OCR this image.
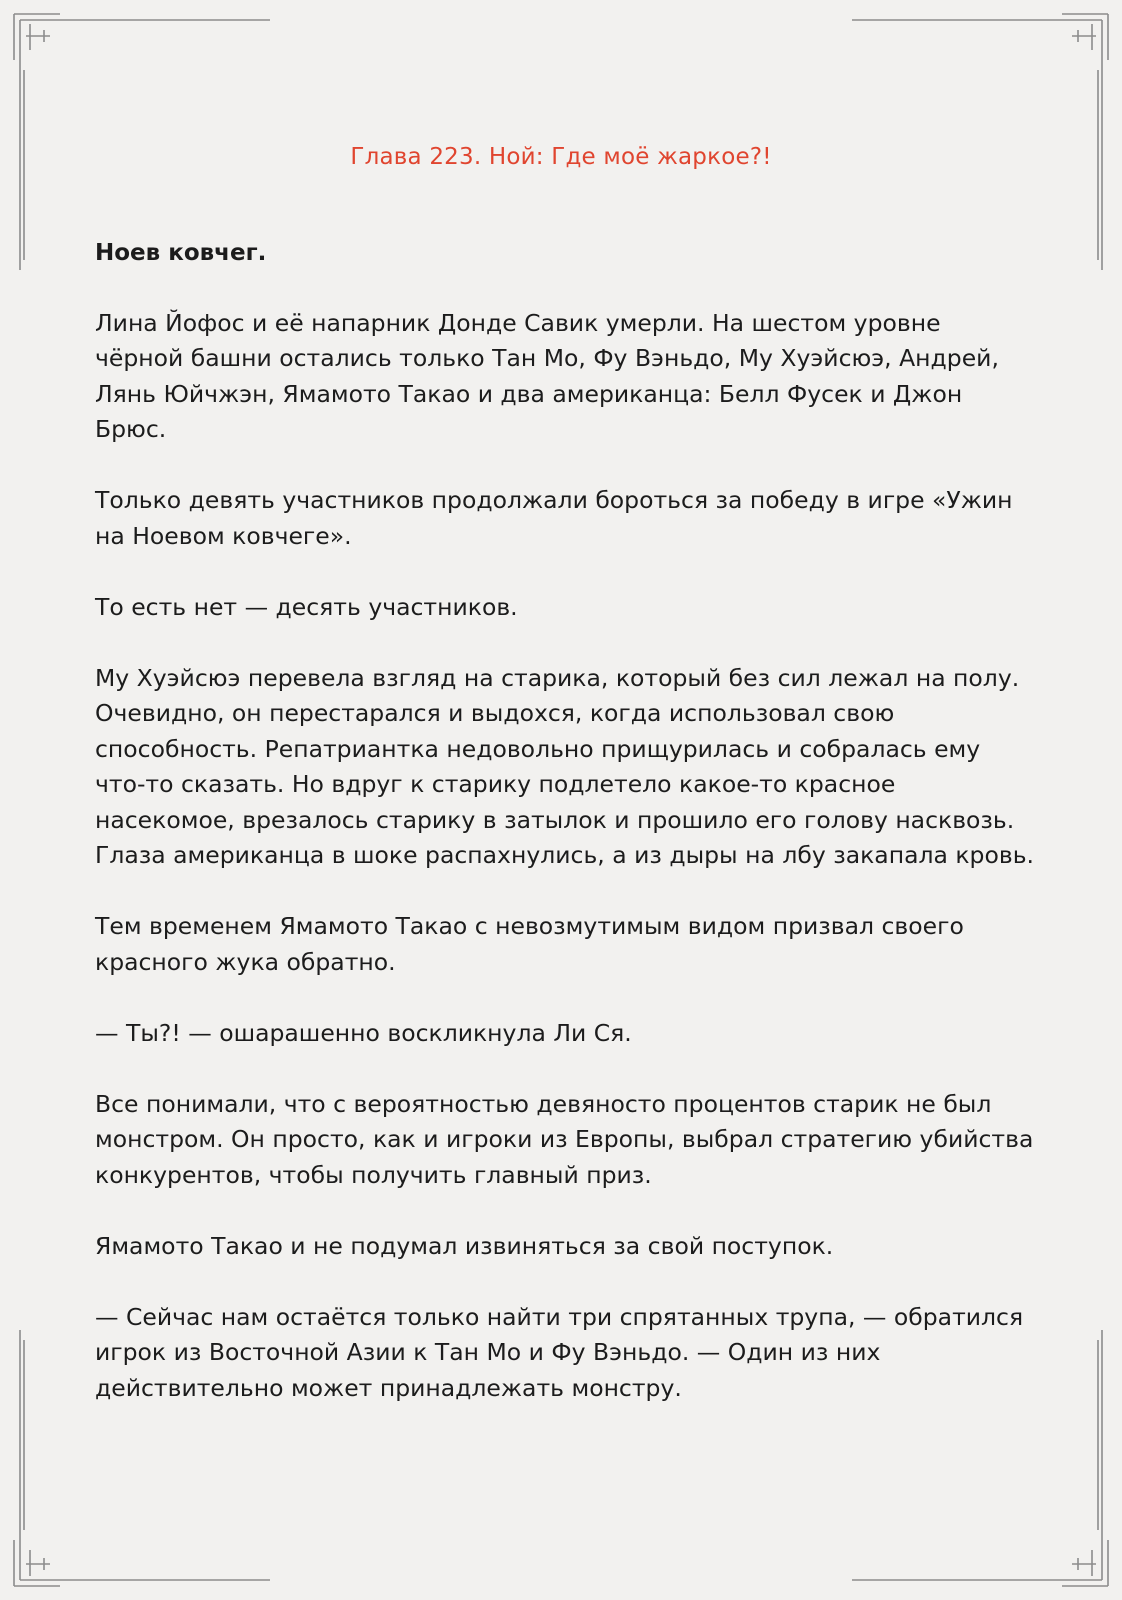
Глава 223. Ной: Где моё жаркое?!

Ноев ковчег.

Лина Йофос и её напарник Донде Савик умерли. На шестом уровне чёрной башни остались только Тан Мо, Фу Вэньдо, Му Хуэйсюэ, Андрей, Лянь Юйчжэн, Ямамото Такао и два американца: Белл Фусек и Джон Брюс.

Только девять участников продолжали бороться за победу в игре «Ужин на Ноевом ковчеге».

То есть нет — десять участников.

Му Хуэйсюэ перевела взгляд на старика, который без сил лежал на полу. Очевидно, он перестарался и выдохся, когда использовал свою способность. Репатриантка недовольно прищурилась и собралась ему что-то сказать. Но вдруг к старику подлетело какое-то красное насекомое, врезалось старику в затылок и прошило его голову насквозь. Глаза американца в шоке распахнулись, а из дыры на лбу закапала кровь.

Тем временем Ямамото Такао с невозмутимым видом призвал своего красного жука обратно.

— Ты?! — ошарашенно воскликнула Ли Ся.

Все понимали, что с вероятностью девяносто процентов старик не был монстром. Он просто, как и игроки из Европы, выбрал стратегию убийства конкурентов, чтобы получить главный приз.

Ямамото Такао и не подумал извиняться за свой поступок.

— Сейчас нам остаётся только найти три спрятанных трупа, — обратился игрок из Восточной Азии к Тан Мо и Фу Вэньдо. — Один из них действительно может принадлежать монстру.
